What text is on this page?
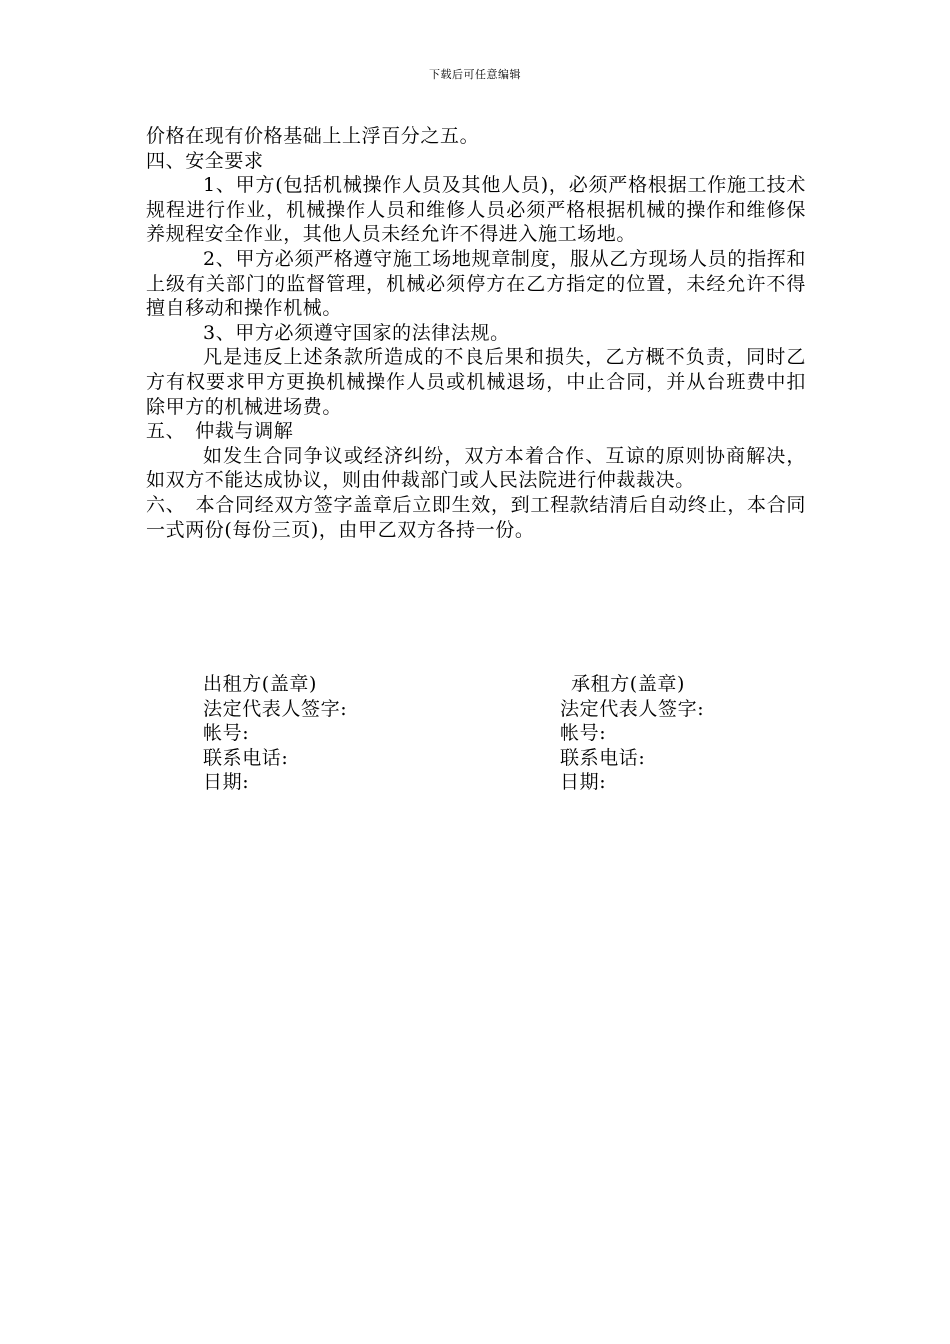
下载后可任意编辑

价格在现有价格基础上上浮百分之五。

四、安全要求

1、甲方(包括机械操作人员及其他人员)，必须严格根据工作施工技术规程进行作业，机械操作人员和维修人员必须严格根据机械的操作和维修保养规程安全作业，其他人员未经允许不得进入施工场地。

2、甲方必须严格遵守施工场地规章制度，服从乙方现场人员的指挥和上级有关部门的监督管理，机械必须停方在乙方指定的位置，未经允许不得擅自移动和操作机械。

3、甲方必须遵守国家的法律法规。

凡是违反上述条款所造成的不良后果和损失，乙方概不负责，同时乙方有权要求甲方更换机械操作人员或机械退场，中止合同，并从台班费中扣除甲方的机械进场费。

五、　仲裁与调解

如发生合同争议或经济纠纷，双方本着合作、互谅的原则协商解决，如双方不能达成协议，则由仲裁部门或人民法院进行仲裁裁决。

六、　本合同经双方签字盖章后立即生效，到工程款结清后自动终止，本合同一式两份(每份三页)，由甲乙双方各持一份。

出租方(盖章)

法定代表人签字:

帐号:

联系电话:

日期:

承租方(盖章)

法定代表人签字:

帐号:

联系电话:

日期:
